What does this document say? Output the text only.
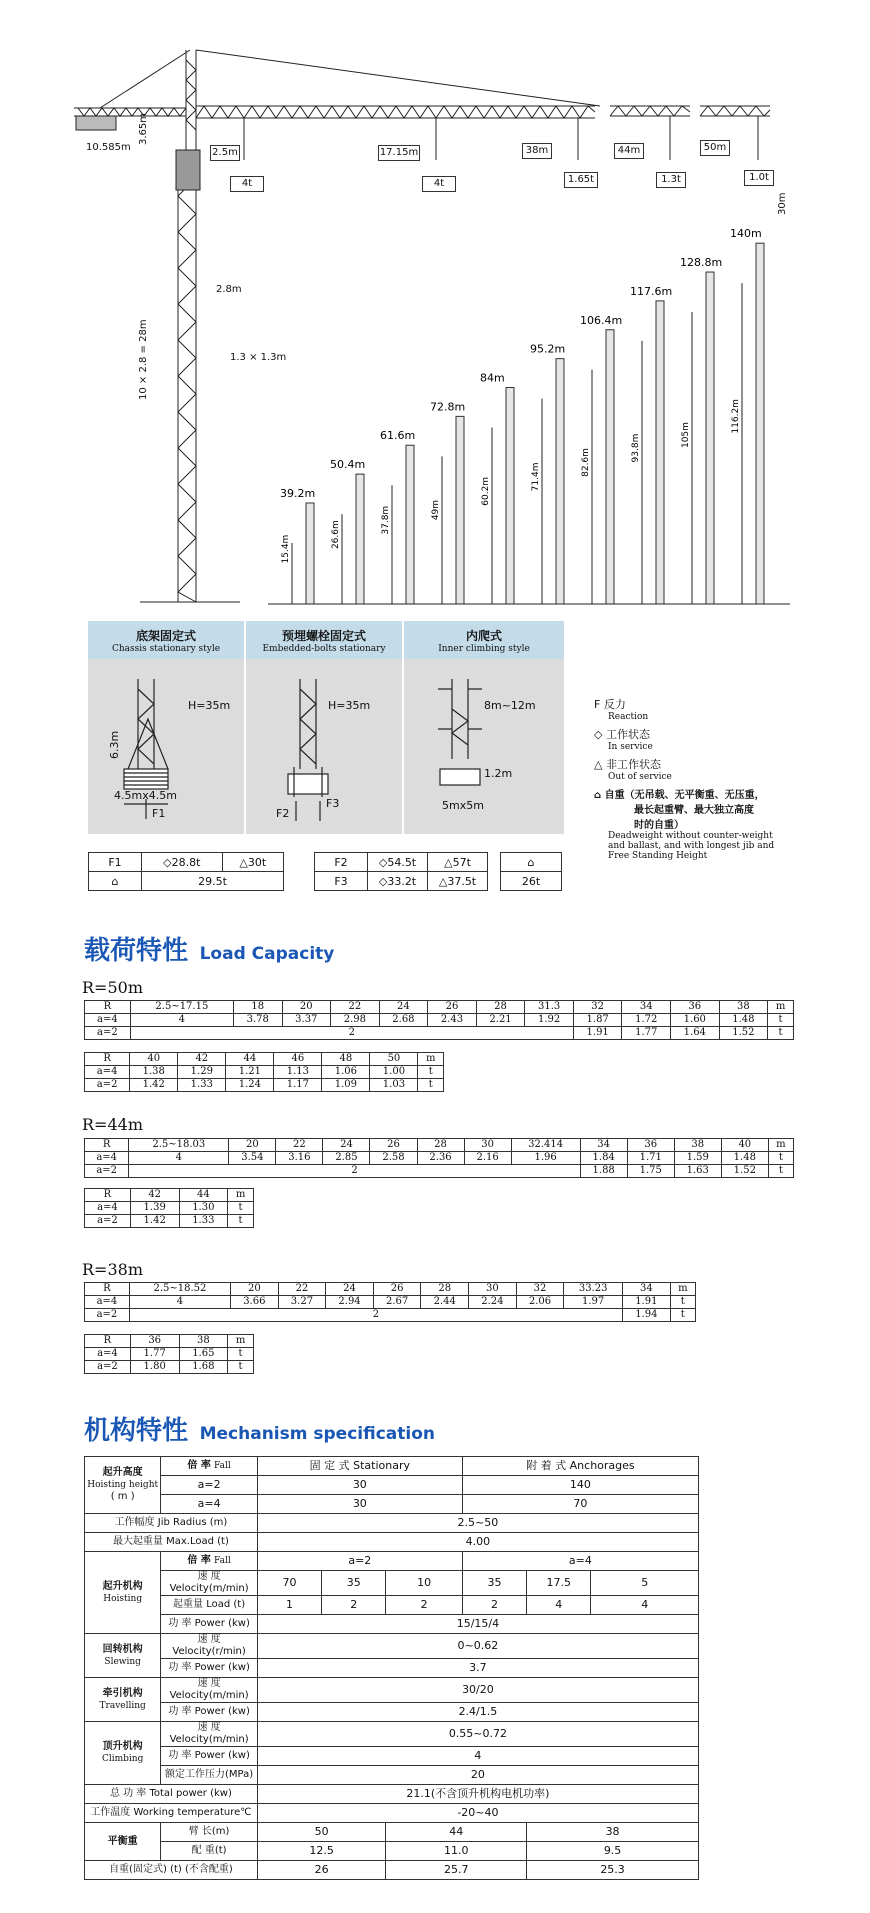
10.585m
3.65m
2.8m
1.3 × 1.3m
10 × 2.8 = 28m
30m
39.2m
15.4m
50.4m
26.6m
61.6m
37.8m
72.8m
49m
84m
60.2m
95.2m
71.4m
106.4m
82.6m
117.6m
93.8m
128.8m
105m
140m
116.2m
2.5m
4t
17.15m
4t
38m
1.65t
44m
1.3t
50m
1.0t
底架固定式
Chassis stationary style
预埋螺栓固定式
Embedded-bolts stationary
内爬式
Inner climbing style
H=35m
6.3m
4.5mx4.5m
F1
H=35m
F2
F3
8m~12m
1.2m
5mx5m
F1	◇28.8t	△30t
⌂	29.5t	
F2	◇54.5t	△57t
F3	◇33.2t	△37.5t
⌂
26t
F 反力
Reaction
◇ 工作状态
In service
△ 非工作状态
Out of service
⌂ 自重（无吊载、无平衡重、无压重，
最长起重臂、最大独立高度
时的自重）
Deadweight without counter-weight
and ballast, and with longest jib and
Free Standing Height
载荷特性 Load Capacity
R=50m
R	2.5~17.15	18	20	22	24	26	28	31.3	32	34	36	38	m
a=4	4	3.78	3.37	2.98	2.68	2.43	2.21	1.92	1.87	1.72	1.60	1.48	t
a=2	2								1.91	1.77	1.64	1.52	t
R	40	42	44	46	48	50	m
a=4	1.38	1.29	1.21	1.13	1.06	1.00	t
a=2	1.42	1.33	1.24	1.17	1.09	1.03	t
R=44m
R	2.5~18.03	20	22	24	26	28	30	32.414	34	36	38	40	m
a=4	4	3.54	3.16	2.85	2.58	2.36	2.16	1.96	1.84	1.71	1.59	1.48	t
a=2	2								1.88	1.75	1.63	1.52	t
R	42	44	m
a=4	1.39	1.30	t
a=2	1.42	1.33	t
R=38m
R	2.5~18.52	20	22	24	26	28	30	32	33.23	34	m
a=4	4	3.66	3.27	2.94	2.67	2.44	2.24	2.06	1.97	1.91	t
a=2	2									1.94	t
R	36	38	m
a=4	1.77	1.65	t
a=2	1.80	1.68	t
机构特性 Mechanism specification
起升高度
Hoisting height
( m )	倍 率 Fall	固 定 式 Stationary			附 着 式 Anchorages		
	a=2	30			140		
	a=4	30			70		
工作幅度 Jib Radius (m)		2.5~50					
最大起重量 Max.Load (t)		4.00					
起升机构
Hoisting	倍 率 Fall	a=2			a=4		
	速 度 Velocity(m/min)	70	35	10	35	17.5	5
	起重量 Load (t)	1	2	2	2	4	4
	功 率 Power (kw)	15/15/4					
回转机构
Slewing	速 度 Velocity(r/min)	0~0.62					
	功 率 Power (kw)	3.7					
牵引机构
Travelling	速 度 Velocity(m/min)	30/20					
	功 率 Power (kw)	2.4/1.5					
顶升机构
Climbing	速 度 Velocity(m/min)	0.55~0.72					
	功 率 Power (kw)	4					
	额定工作压力(MPa)	20					
总 功 率 Total power (kw)		21.1(不含顶升机构电机功率)					
工作温度 Working temperature℃		-20~40					
平衡重	臂 长(m)	50		44		38	
	配 重(t)	12.5		11.0		9.5	
自重(固定式) (t) (不含配重)		26		25.7		25.3	
